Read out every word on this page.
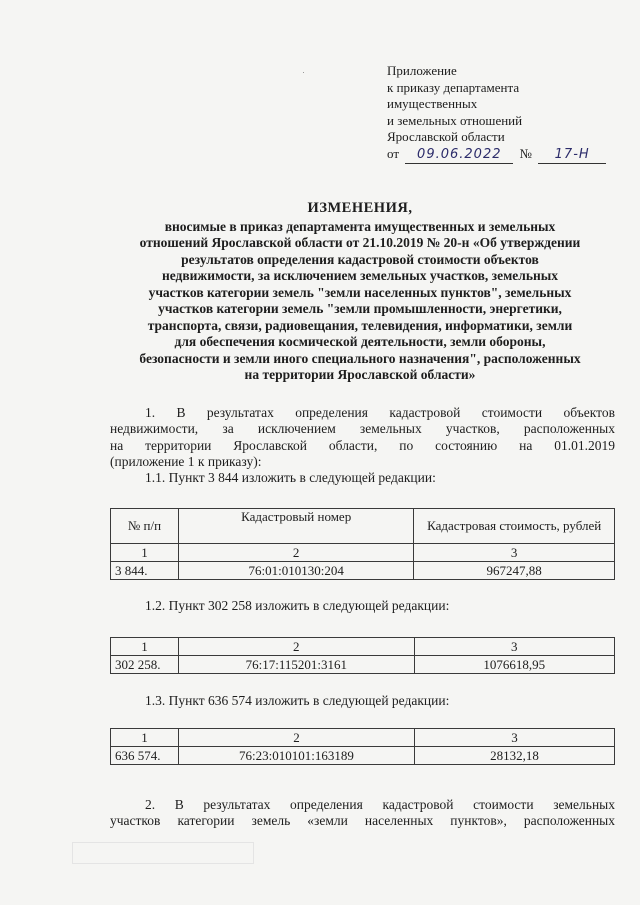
Приложение
к приказу департамента
имущественных
и земельных отношений
Ярославской области
от 09.06.2022 № 17-Н
ИЗМЕНЕНИЯ,
вносимые в приказ департамента имущественных и земельных
отношений Ярославской области от 21.10.2019 № 20-н «Об утверждении
результатов определения кадастровой стоимости объектов
недвижимости, за исключением земельных участков, земельных
участков категории земель "земли населенных пунктов", земельных
участков категории земель "земли промышленности, энергетики,
транспорта, связи, радиовещания, телевидения, информатики, земли
для обеспечения космической деятельности, земли обороны,
безопасности и земли иного специального назначения", расположенных
на территории Ярославской области»
1. В результатах определения кадастровой стоимости объектов
недвижимости, за исключением земельных участков, расположенных
на территории Ярославской области, по состоянию на 01.01.2019
(приложение 1 к приказу):
1.1. Пункт 3 844 изложить в следующей редакции:
№ п/п	Кадастровый номер	Кадастровая стоимость, рублей
1	2	3
3 844.	76:01:010130:204	967247,88
1.2. Пункт 302 258 изложить в следующей редакции:
1	2	3
302 258.	76:17:115201:3161	1076618,95
1.3. Пункт 636 574 изложить в следующей редакции:
1	2	3
636 574.	76:23:010101:163189	28132,18
2. В результатах определения кадастровой стоимости земельных
участков категории земель «земли населенных пунктов», расположенных
